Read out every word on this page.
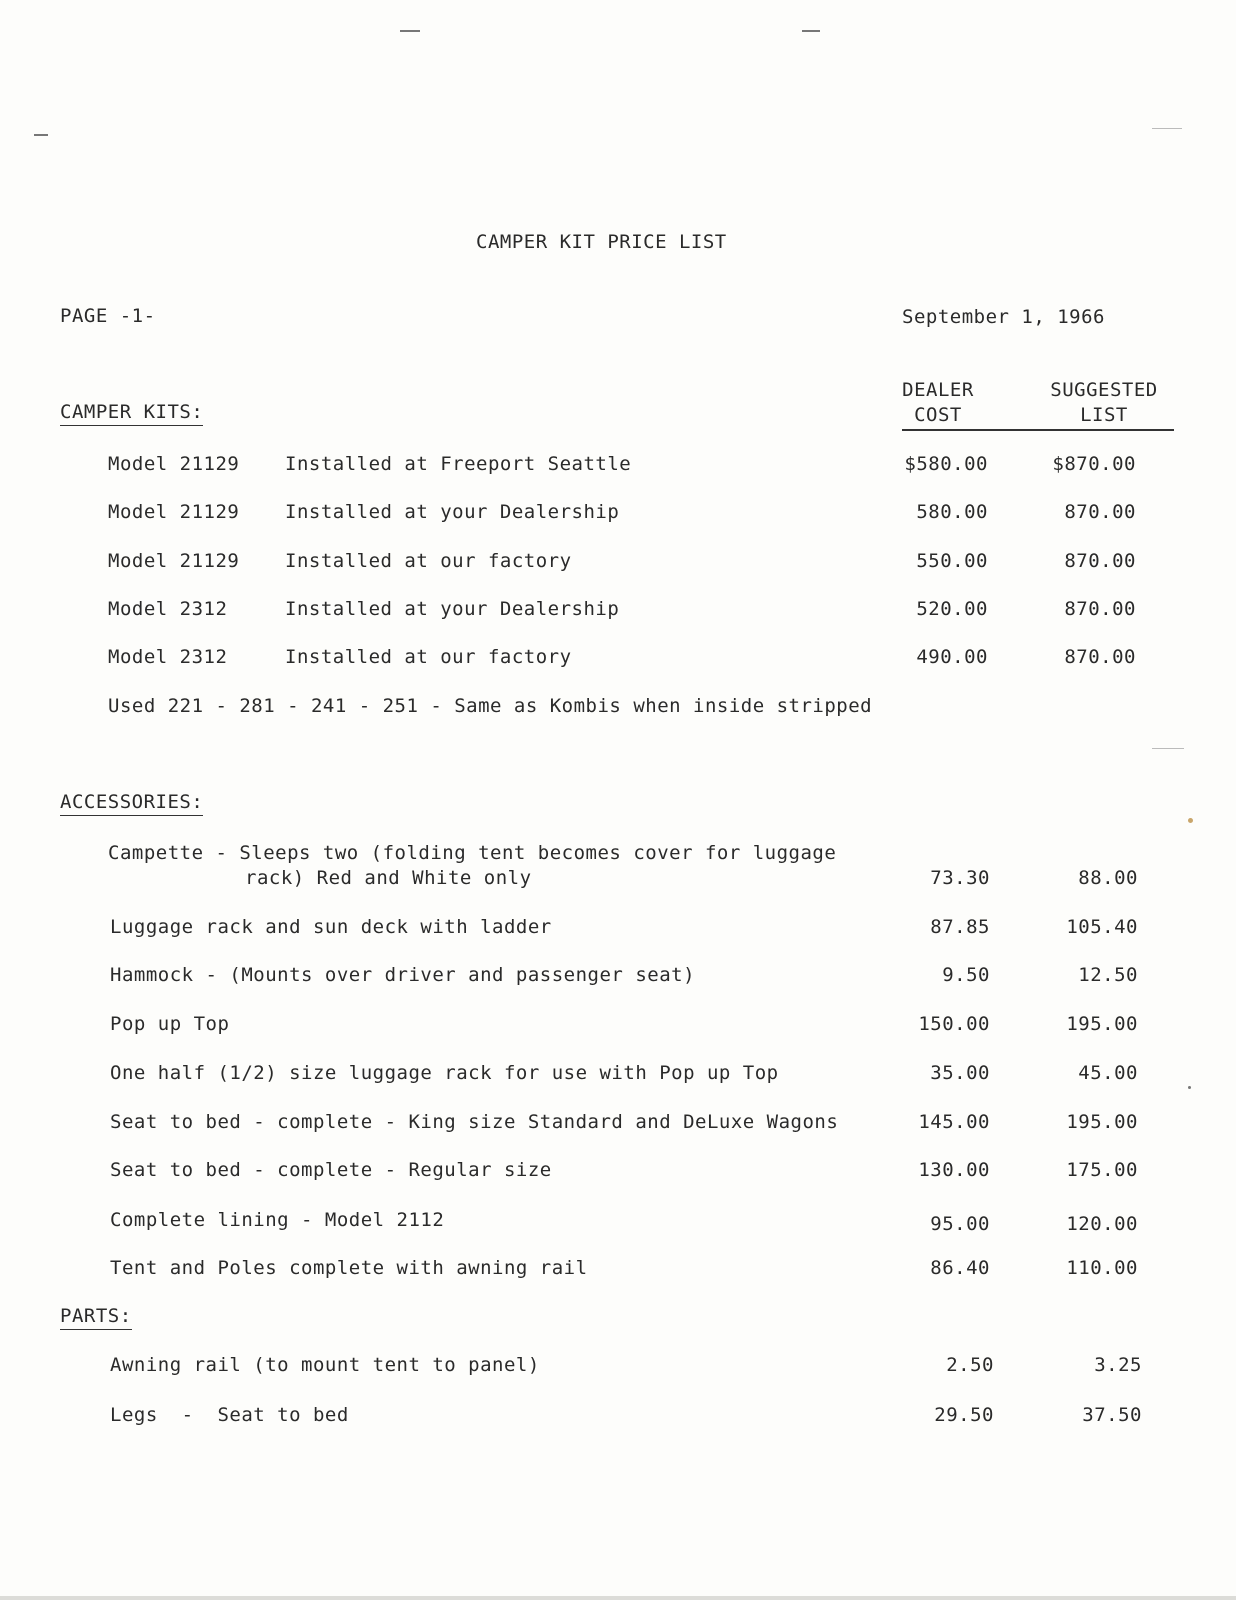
CAMPER KIT PRICE LIST
PAGE -1-	September 1, 1966
DEALER
COST
SUGGESTED
LIST
CAMPER KITS:
Model 21129 Installed at Freeport Seattle	$580.00	$870.00
Model 21129 Installed at your Dealership	580.00	870.00
Model 21129 Installed at our factory	550.00	870.00
Model 2312	Installed at your Dealership	520.00	870.00
Model 2312	Installed at our factory	490.00	870.00
Used 221 - 281 - 241 - 251 - Same as Kombis when inside stripped
ACCESSORIES:
Campette - Sleeps two (folding tent becomes cover for luggage
rack) Red and White only	73.30	88.00
Luggage rack and sun deck with ladder	87.85	105.40
Hammock - (Mounts over driver and passenger seat)	9.50	12.50
Pop up Top	150.00	195.00
One half (1/2) size luggage rack for use with Pop up Top	35.00	45.00
Seat to bed - complete - King size Standard and DeLuxe Wagons	145.00	195.00
Seat to bed - complete - Regular size	130.00	175.00
Complete lining - Model 2112	95.00	120.00
Tent and Poles complete with awning rail	86.40	110.00
PARTS:
Awning rail (to mount tent to panel)	2.50	3.25
Legs  -  Seat to bed	29.50	37.50
